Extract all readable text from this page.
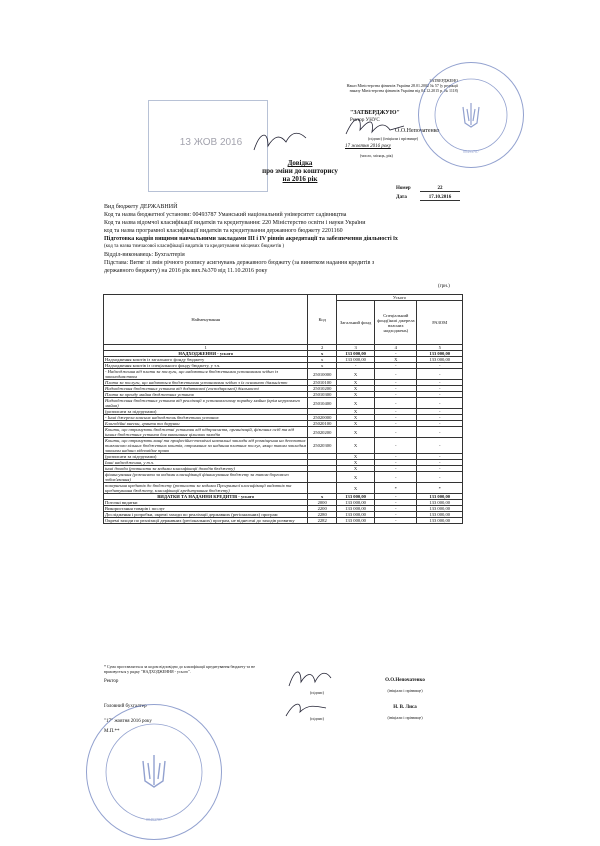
ЗАТВЕРДЖЕНО
Наказ Міністерства фінансів України 28.01.2002 № 57 (у редакції
наказу Міністерства фінансів України від 04.12.2015 р. № 1118)
"ЗАТВЕРДЖУЮ"
Ректор УНУС
О.О.Непочатенко
(підпис) (ініціали і прізвище)
17 жовтня 2016 року
(число, місяць, рік)
00493787
13 ЖОВ 2016
Довідка
про зміни до кошторису
на 2016 рік
Номер	22
Дата	17.10.2016
Вид бюджету ДЕРЖАВНИЙ
Код та назва бюджетної установи: 00493787 Уманський національний університет садівництва
Код та назва відомчої класифікації видатків та кредитування: 220 Міністерство освіти і науки України
код та назва програмної класифікації видатків та кредитування державного бюджету 2201160
Підготовка кадрів вищими навчальними закладами ІІІ і IV рівнів акредитації та забезпечення діяльності їх
(код та назва тимчасової класифікації видатків та кредитування місцевих бюджетів )
Відділ-виконавець: Бухгалтерія
Підстава: Витяг зі змін річного розпису асигнувань державного бюджету (за винятком надання кредитів з
державного бюджету) на 2016 рік вих.№370 від 11.10.2016 року
(грн.)
Найменування	Код	Усього		
		Загальний фонд	Спеціальний фонд(інші джерела власних надходжень)	РАЗОМ
1	2	3	4	5
НАДХОДЖЕННЯ - усього	х	133 000,00	-	133 000,00
Надходження коштів із загального фонду бюджету	х	133 000,00	Х	133 000,00
Надходження коштів із спеціального фонду бюджету, у т.ч.	х	-	-	-
- Надходження від плати за послуги, що надаються бюджетними установами згідно із законодавством	25010000	Х	-	-
Плата за послуги, що надаються бюджетними установами згідно з їх основною діяльністю	25010100	Х	-	-
Надходження бюджетних установ від додаткової (господарської) діяльності	25010200	Х	-	-
Плата за оренду майна бюджетних установ	25010300	Х	-	-
Надходження бюджетних установ від реалізації в установленому порядку майна (крім нерухомого майна)	25010400	Х	-	-
(розписати за підгрупами)		Х	-	-
- Інші джерела власних надходжень бюджетних установ	25020000	Х	-	-
Благодійні внески, гранти та дарунки	25020100	Х	-	-
Кошти, що отримують бюджетні установи від підприємств, організацій, фізичних осіб та від інших бюджетних установ для виконання цільових заходів	25020200	Х	-	-
Кошти, що отримують вищі та професійно-технічні навчальні заклади від розміщення на депозитах тимчасово вільних бюджетних коштів, отриманих за надання платних послуг, якщо таким закладам законом надано відповідне право	25020300	Х	-	-
(розписати за підгрупами)		Х	-	-
Інші надходження, у т.ч.		Х	-	-
інші доходи (розписати за кодами класифікації доходів бюджету)		Х	-	-
фінансування (розписати за кодами класифікації фінансування бюджету за типом боргового зобов'язання)		Х	-	-
повернення кредитів до бюджету (розписати за кодами Програмної класифікації видатків та кредитування бюджету, класифікації кредитування бюджету)		Х	*	*
ВИДАТКИ ТА НАДАННЯ КРЕДИТІВ - усього	х	133 000,00	-	133 000,00
Поточні видатки	2000	133 000,00	-	133 000,00
Використання товарів і послуг	2200	133 000,00	-	133 000,00
Дослідження і розробки, окремі заходи по реалізації державних (регіональних) програм	2280	133 000,00	-	133 000,00
Окремі заходи по реалізації державних (регіональних) програм, не віднесені до заходів розвитку	2282	133 000,00	-	133 000,00
* Сума проставляється за кодом відповідно до класифікації кредитування бюджету та не
враховується у рядку "НАДХОДЖЕННЯ - усього".
Ректор
(підпис)
О.О.Непочатенко
(ініціали і прізвище)
Н. В. Лиса
(ініціали і прізвище)
(підпис)
Головний бухгалтер
"17" жовтня 2016 року
М.П.**
00493787
